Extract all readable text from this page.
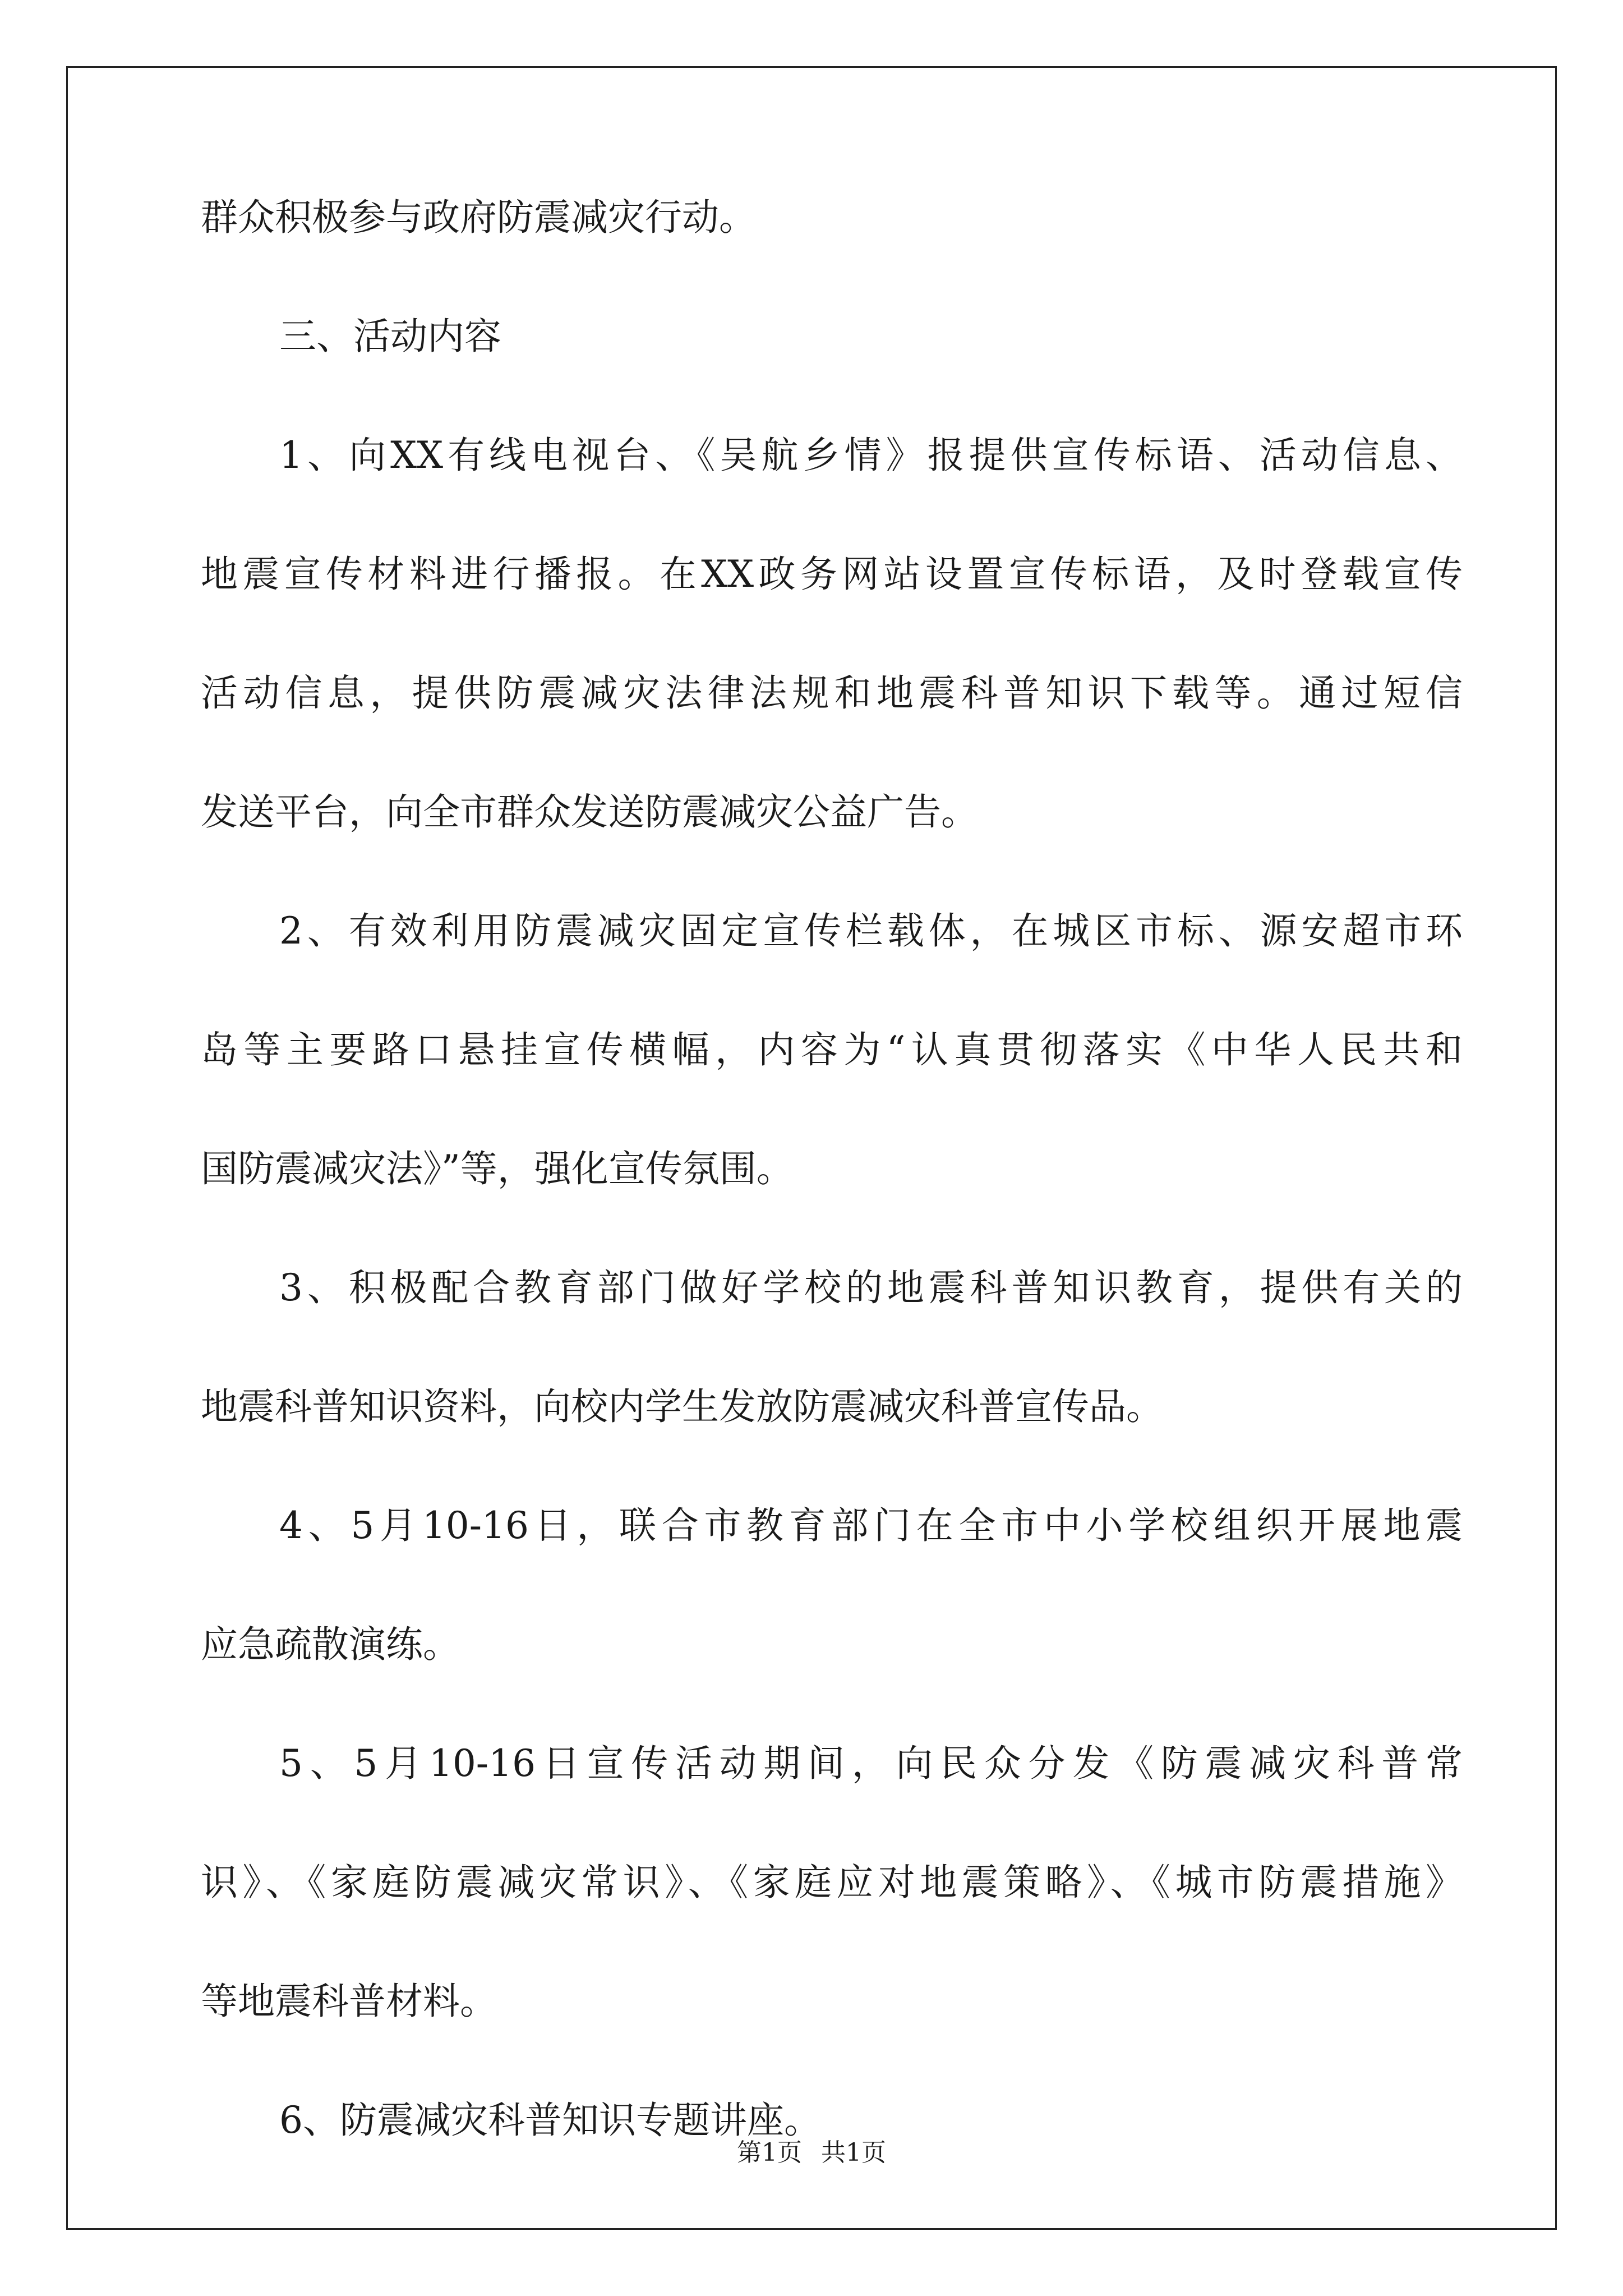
群众积极参与政府防震减灾行动。
三、活动内容
1、向XX有线电视台、《吴航乡情》报提供宣传标语、活动信息、
地震宣传材料进行播报。在XX政务网站设置宣传标语，及时登载宣传
活动信息，提供防震减灾法律法规和地震科普知识下载等。通过短信
发送平台，向全市群众发送防震减灾公益广告。
2、有效利用防震减灾固定宣传栏载体，在城区市标、源安超市环
岛等主要路口悬挂宣传横幅，内容为“认真贯彻落实《中华人民共和
国防震减灾法》”等，强化宣传氛围。
3、积极配合教育部门做好学校的地震科普知识教育，提供有关的
地震科普知识资料，向校内学生发放防震减灾科普宣传品。
4、5月10-16日，联合市教育部门在全市中小学校组织开展地震
应急疏散演练。
5、5月10-16日宣传活动期间，向民众分发《防震减灾科普常
识》、《家庭防震减灾常识》、《家庭应对地震策略》、《城市防震措施》
等地震科普材料。
6、防震减灾科普知识专题讲座。
第1页 共1页
